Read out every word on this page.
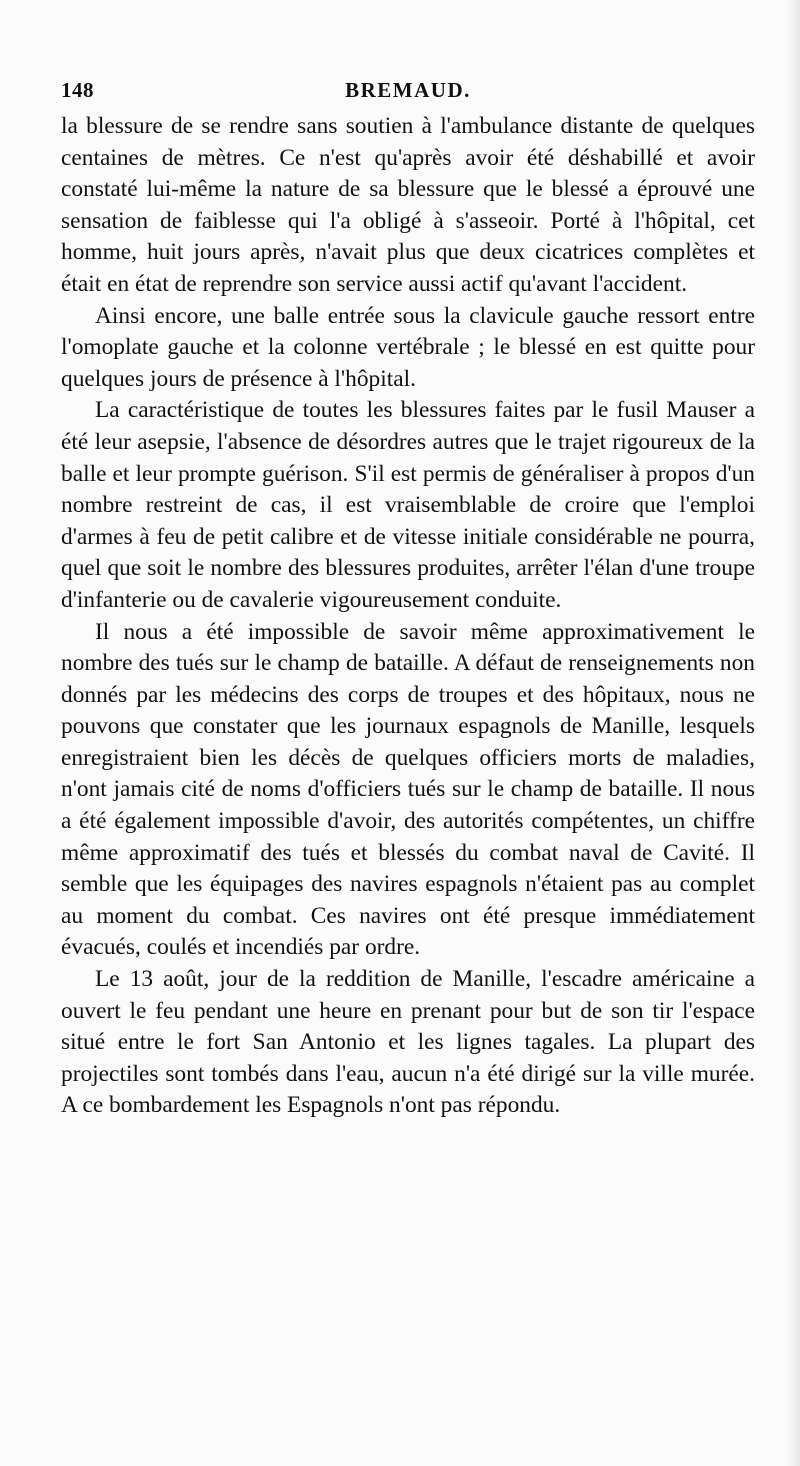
148	BREMAUD.

la blessure de se rendre sans soutien à l'ambulance distante de quelques centaines de mètres. Ce n'est qu'après avoir été déshabillé et avoir constaté lui-même la nature de sa blessure que le blessé a éprouvé une sensation de faiblesse qui l'a obligé à s'asseoir. Porté à l'hôpital, cet homme, huit jours après, n'avait plus que deux cicatrices complètes et était en état de reprendre son service aussi actif qu'avant l'accident.

Ainsi encore, une balle entrée sous la clavicule gauche ressort entre l'omoplate gauche et la colonne vertébrale ; le blessé en est quitte pour quelques jours de présence à l'hôpital.

La caractéristique de toutes les blessures faites par le fusil Mauser a été leur asepsie, l'absence de désordres autres que le trajet rigoureux de la balle et leur prompte guérison. S'il est permis de généraliser à propos d'un nombre restreint de cas, il est vraisemblable de croire que l'emploi d'armes à feu de petit calibre et de vitesse initiale considérable ne pourra, quel que soit le nombre des blessures produites, arrêter l'élan d'une troupe d'infanterie ou de cavalerie vigoureusement conduite.

Il nous a été impossible de savoir même approximativement le nombre des tués sur le champ de bataille. A défaut de renseignements non donnés par les médecins des corps de troupes et des hôpitaux, nous ne pouvons que constater que les journaux espagnols de Manille, lesquels enregistraient bien les décès de quelques officiers morts de maladies, n'ont jamais cité de noms d'officiers tués sur le champ de bataille. Il nous a été également impossible d'avoir, des autorités compétentes, un chiffre même approximatif des tués et blessés du combat naval de Cavité. Il semble que les équipages des navires espagnols n'étaient pas au complet au moment du combat. Ces navires ont été presque immédiatement évacués, coulés et incendiés par ordre.

Le 13 août, jour de la reddition de Manille, l'escadre américaine a ouvert le feu pendant une heure en prenant pour but de son tir l'espace situé entre le fort San Antonio et les lignes tagales. La plupart des projectiles sont tombés dans l'eau, aucun n'a été dirigé sur la ville murée. A ce bombardement les Espagnols n'ont pas répondu.
